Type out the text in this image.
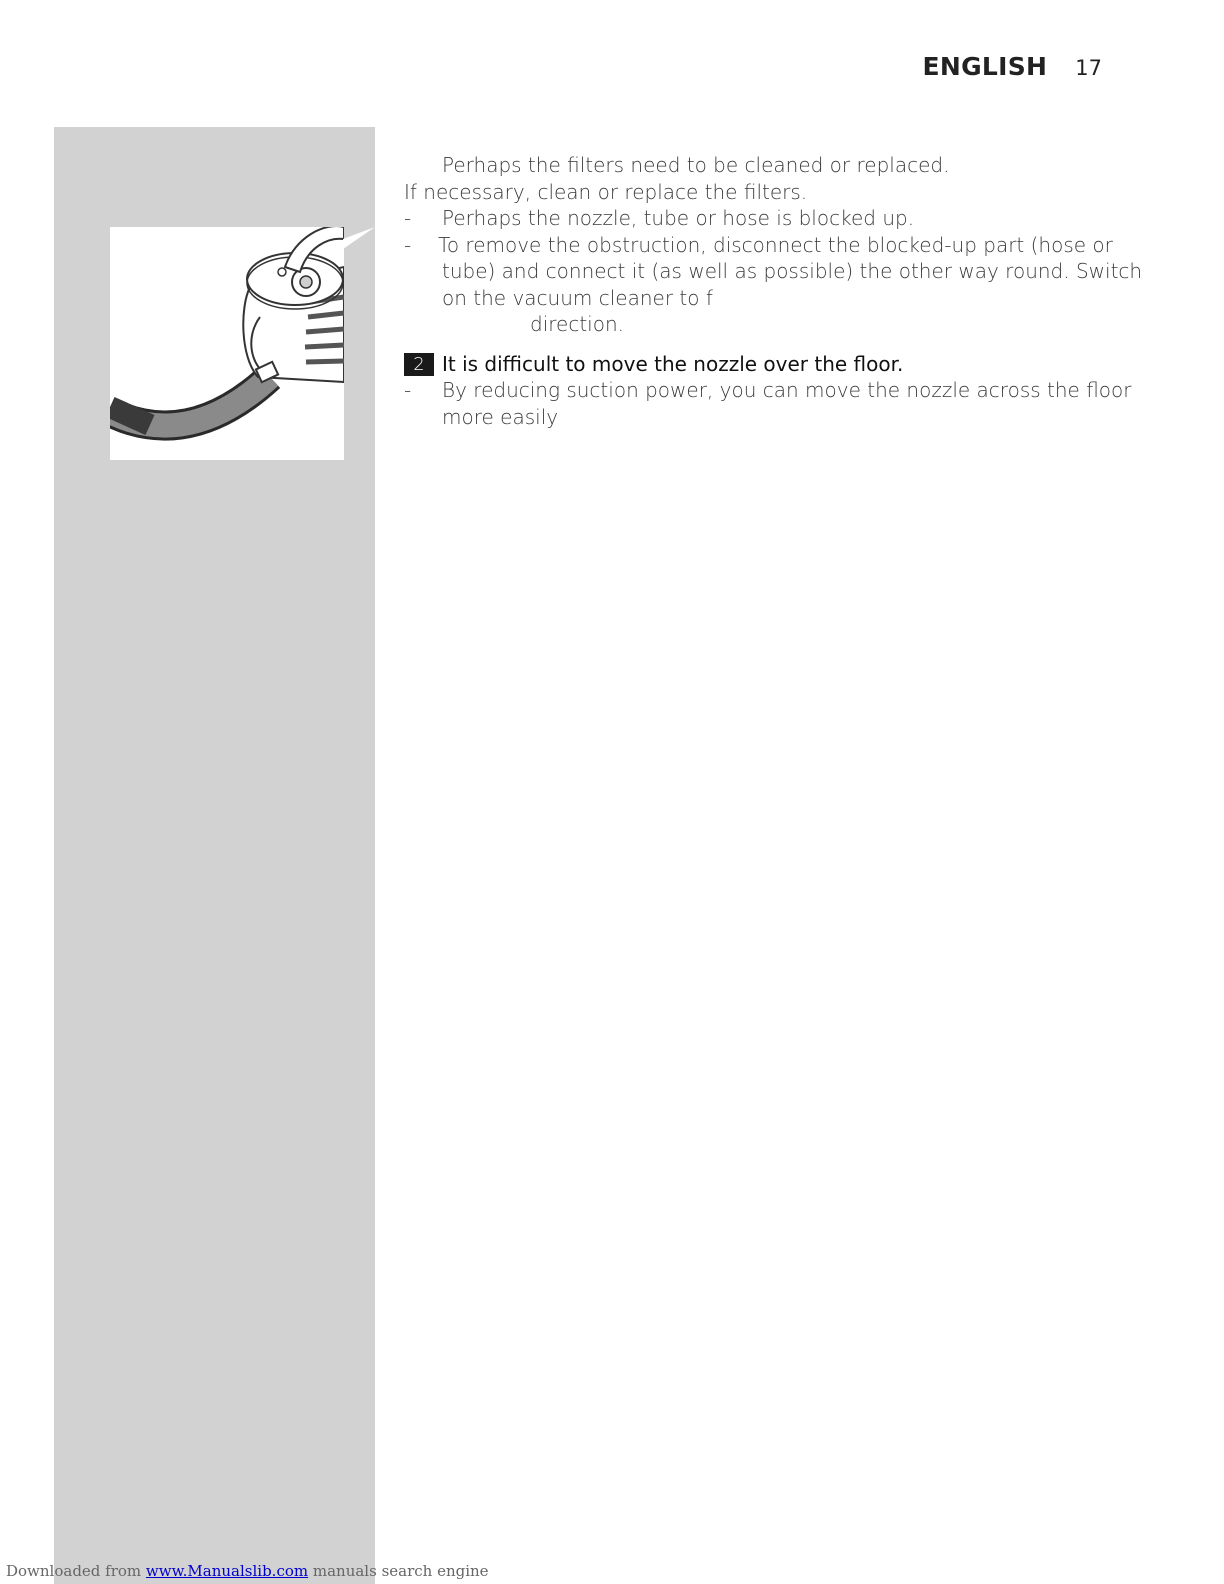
ENGLISH 17
Perhaps the filters need to be cleaned or replaced.
If necessary, clean or replace the filters.
- Perhaps the nozzle, tube or hose is blocked up.
- To remove the obstruction, disconnect the blocked-up part (hose or
tube) and connect it (as well as possible) the other way round. Switch
on the vacuum cleaner to f
direction.
2 It is difficult to move the nozzle over the floor.
- By reducing suction power, you can move the nozzle across the floor
more easily
Downloaded from www.Manualslib.com manuals search engine
